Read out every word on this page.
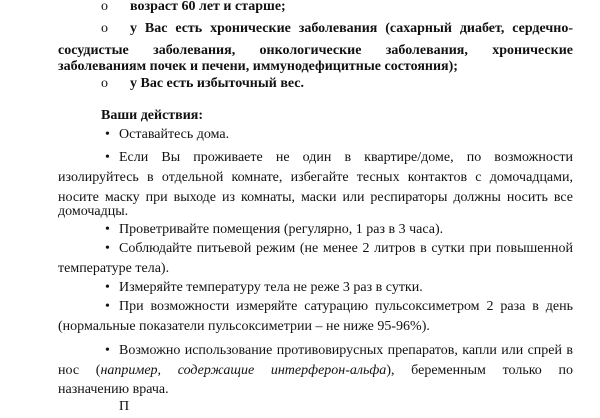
o возраст 60 лет и старше;
o у Вас есть хронические заболевания (сахарный диабет, сердечно-
сосудистые заболевания, онкологические заболевания, хронические
заболеваниям почек и печени, иммунодефицитные состояния);
o у Вас есть избыточный вес.
Ваши действия:
• Оставайтесь дома.
• Если Вы проживаете не один в квартире/доме, по возможности
изолируйтесь в отдельной комнате, избегайте тесных контактов с домочадцами,
носите маску при выходе из комнаты, маски или респираторы должны носить все
домочадцы.
• Проветривайте помещения (регулярно, 1 раз в 3 часа).
• Соблюдайте питьевой режим (не менее 2 литров в сутки при повышенной
температуре тела).
• Измеряйте температуру тела не реже 3 раз в сутки.
• При возможности измеряйте сатурацию пульсоксиметром 2 раза в день
(нормальные показатели пульсоксиметрии – не ниже 95-96%).
• Возможно использование противовирусных препаратов, капли или спрей в
нос (например, содержащие интерферон-альфа), беременным только по
назначению врача.
П
